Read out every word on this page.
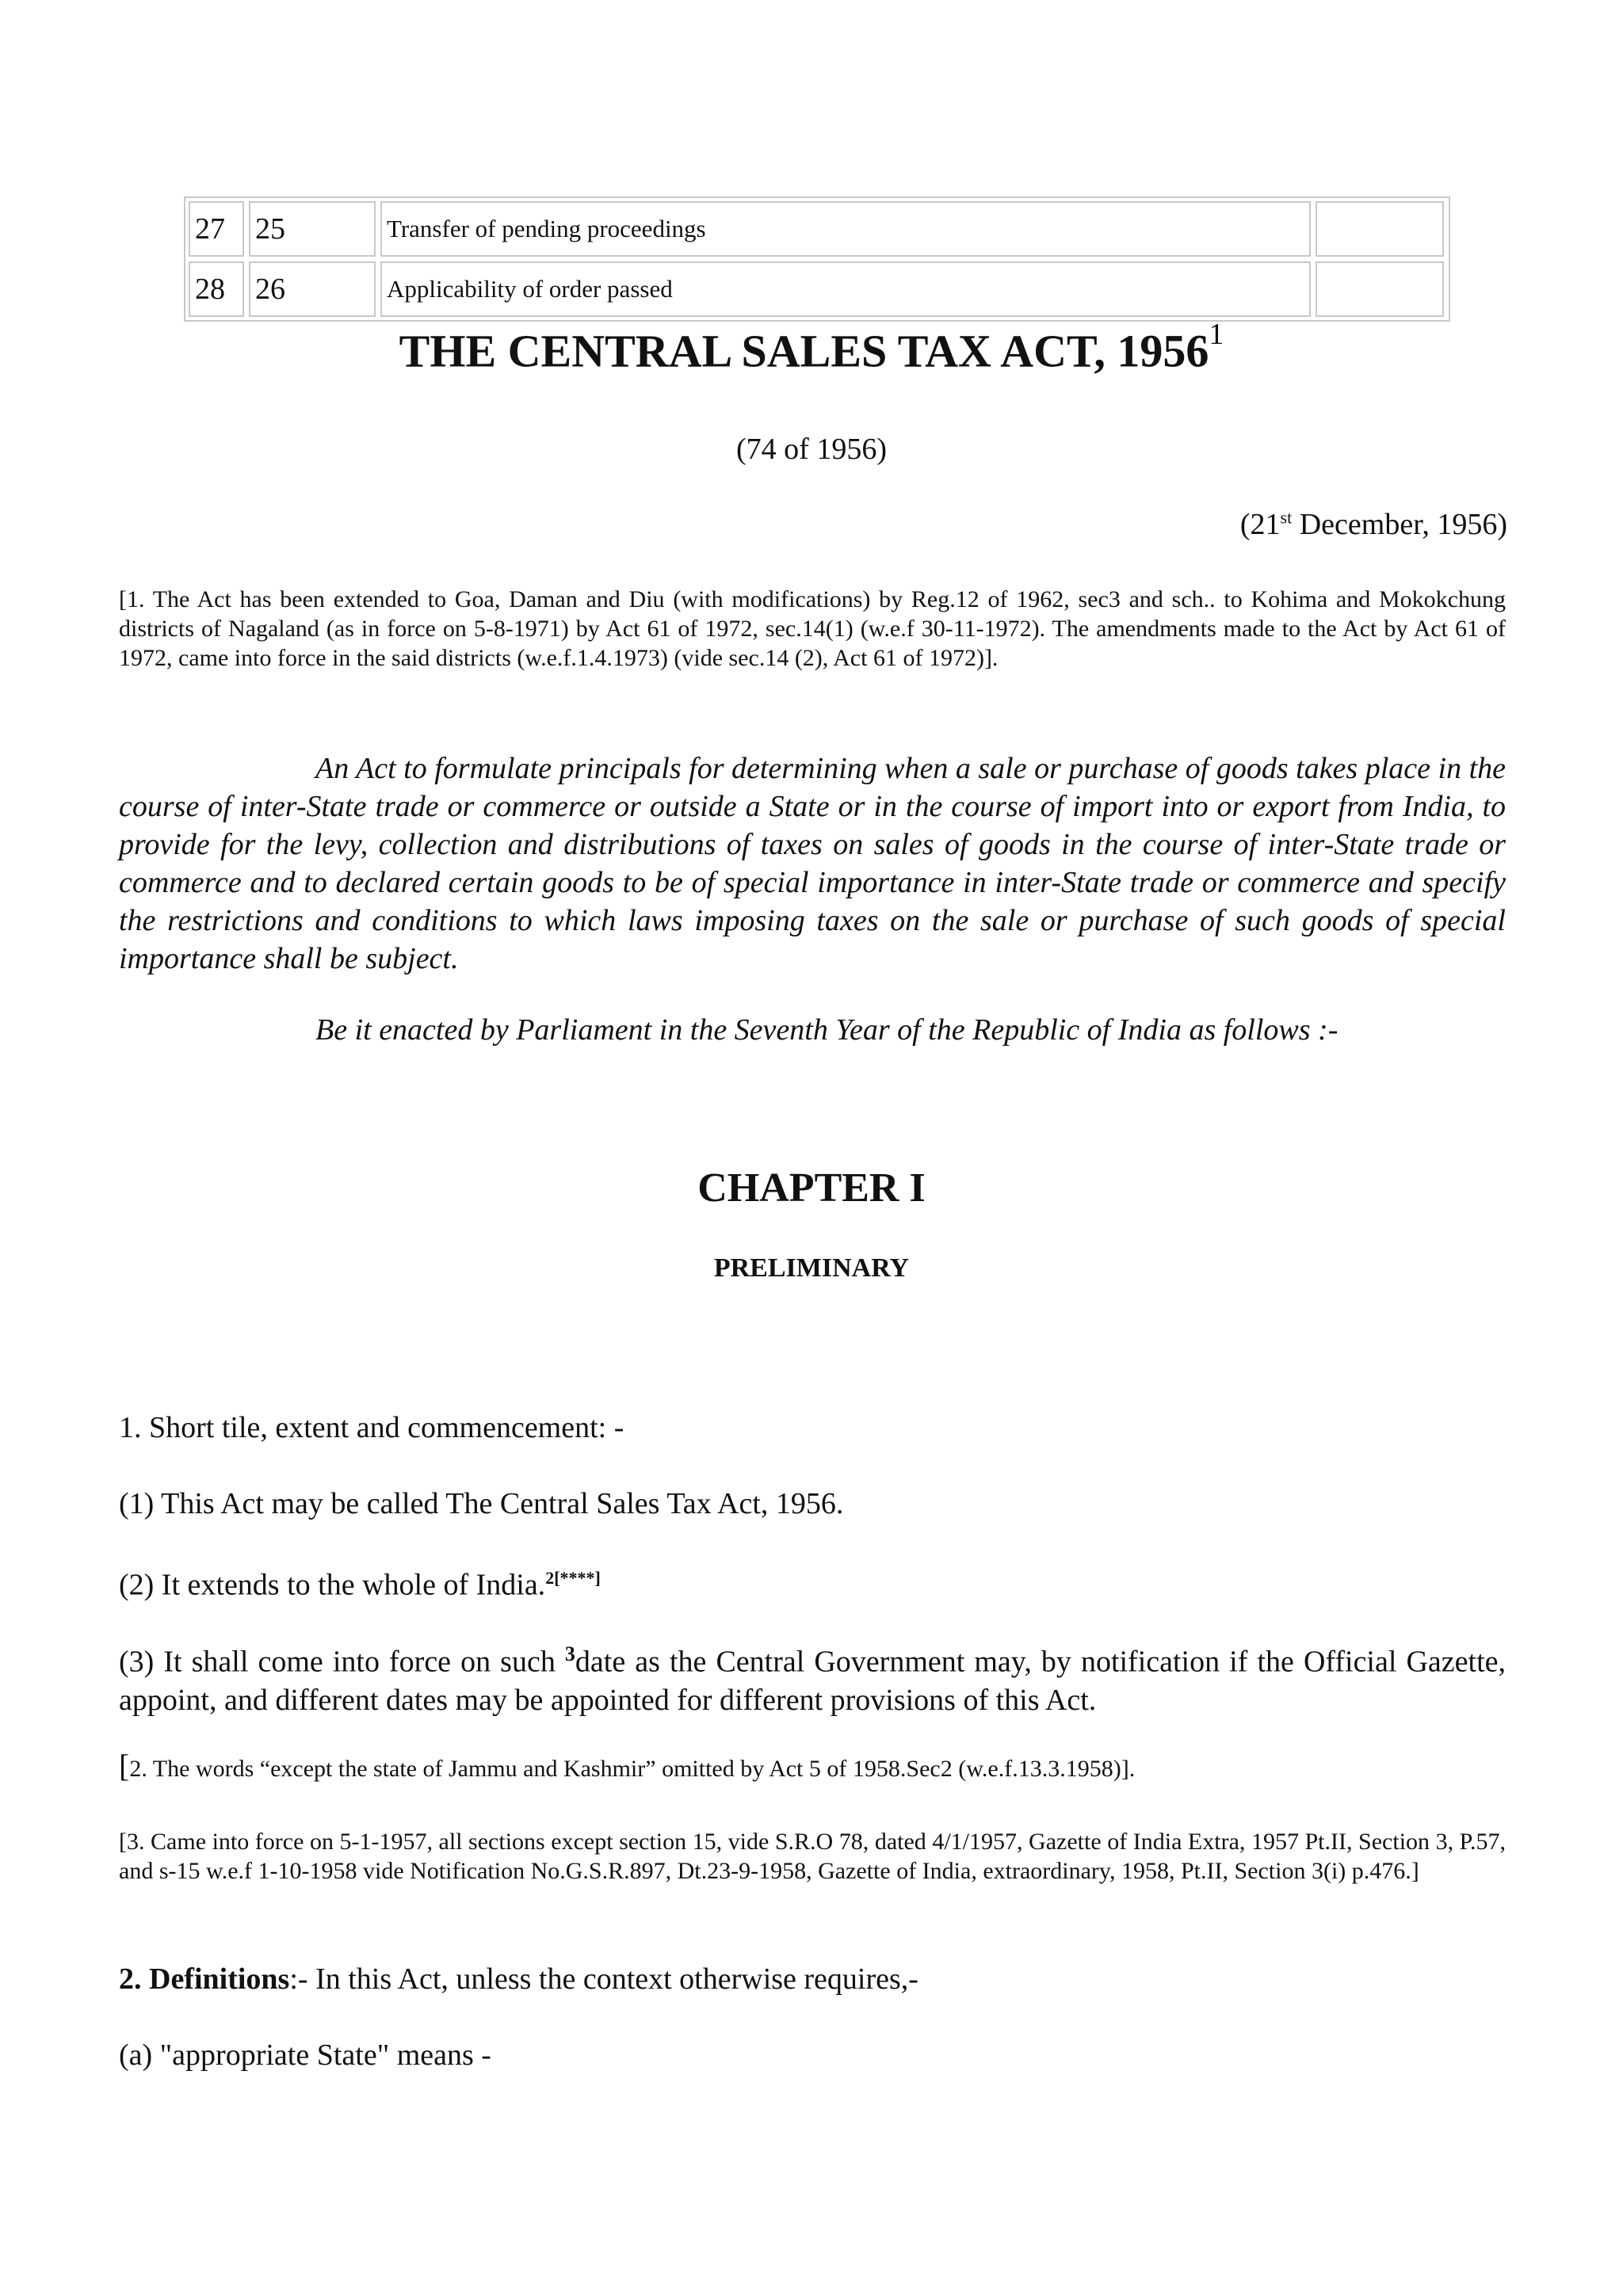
27	25	Transfer of pending proceedings
28	26	Applicability of order passed
THE CENTRAL SALES TAX ACT, 1956$^1$
(74 of 1956)
(21st December, 1956)
[1. The Act has been extended to Goa, Daman and Diu (with modifications) by Reg.12 of 1962, sec3 and sch.. to Kohima and Mokokchung districts of Nagaland (as in force on 5-8-1971) by Act 61 of 1972, sec.14(1) (w.e.f 30-11-1972). The amendments made to the Act by Act 61 of 1972, came into force in the said districts (w.e.f.1.4.1973) (vide sec.14 (2), Act 61 of 1972)].
An Act to formulate principals for determining when a sale or purchase of goods takes place in the course of inter-State trade or commerce or outside a State or in the course of import into or export from India, to provide for the levy, collection and distributions of taxes on sales of goods in the course of inter-State trade or commerce and to declared certain goods to be of special importance in inter-State trade or commerce and specify the restrictions and conditions to which laws imposing taxes on the sale or purchase of such goods of special importance shall be subject.
Be it enacted by Parliament in the Seventh Year of the Republic of India as follows :-
CHAPTER I
PRELIMINARY
1. Short tile, extent and commencement: -
(1) This Act may be called The Central Sales Tax Act, 1956.
(2) It extends to the whole of India.$^{2[****]}$
(3) It shall come into force on such $^3$date as the Central Government may, by notification if the Official Gazette, appoint, and different dates may be appointed for different provisions of this Act.
[2. The words “except the state of Jammu and Kashmir” omitted by Act 5 of 1958.Sec2 (w.e.f.13.3.1958)].
[3. Came into force on 5-1-1957, all sections except section 15, vide S.R.O 78, dated 4/1/1957, Gazette of India Extra, 1957 Pt.II, Section 3, P.57, and s-15 w.e.f 1-10-1958 vide Notification No.G.S.R.897, Dt.23-9-1958, Gazette of India, extraordinary, 1958, Pt.II, Section 3(i) p.476.]
2. Definitions:- In this Act, unless the context otherwise requires,-
(a) "appropriate State" means -
